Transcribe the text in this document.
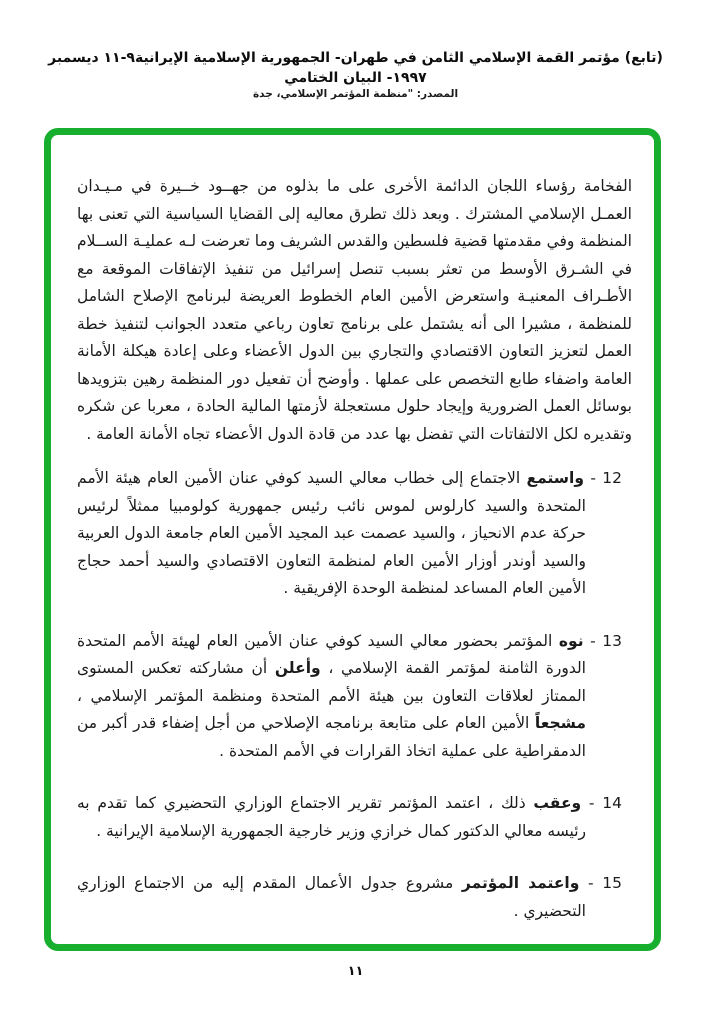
(تابع) مؤتمر القمة الإسلامي الثامن في طهران- الجمهورية الإسلامية الإيرانية٩-١١ ديسمبر ١٩٩٧- البيان الختامي
المصدر: "منظمة المؤتمر الإسلامي، جدة

الفخامة رؤساء اللجان الدائمة الأخرى على ما بذلوه من جهــود خــيرة في مـيـدان العمـل الإسلامي المشترك . وبعد ذلك تطرق معاليه إلى القضايا السياسية التي تعنى بها المنظمة وفي مقدمتها قضية فلسطين والقدس الشريف وما تعرضت لـه عمليـة الســلام في الشـرق الأوسط من تعثر بسبب تنصل إسرائيل من تنفيذ الإتفاقات الموقعة مع الأطـراف المعنيـة واستعرض الأمين العام الخطوط العريضة لبرنامج الإصلاح الشامل للمنظمة ، مشيرا الى أنه يشتمل على برنامج تعاون رباعي متعدد الجوانب لتنفيذ خطة العمل لتعزيز التعاون الاقتصادي والتجاري بين الدول الأعضاء وعلى إعادة هيكلة الأمانة العامة واضفاء طابع التخصص على عملها . وأوضح أن تفعيل دور المنظمة رهين بتزويدها بوسائل العمل الضرورية وإيجاد حلول مستعجلة لأزمتها المالية الحادة ، معربا عن شكره وتقديره لكل الالتفاتات التي تفضل بها عدد من قادة الدول الأعضاء تجاه الأمانة العامة .

12 - واستمع الاجتماع إلى خطاب معالي السيد كوفي عنان الأمين العام هيئة الأمم المتحدة والسيد كارلوس لموس نائب رئيس جمهورية كولومبيا ممثلاً لرئيس حركة عدم الانحياز ، والسيد عصمت عبد المجيد الأمين العام جامعة الدول العربية والسيد أوندر أوزار الأمين العام لمنظمة التعاون الاقتصادي والسيد أحمد حجاج الأمين العام المساعد لمنظمة الوحدة الإفريقية .
13 - نوه المؤتمر بحضور معالي السيد كوفي عنان الأمين العام لهيئة الأمم المتحدة الدورة الثامنة لمؤتمر القمة الإسلامي ، وأعلن أن مشاركته تعكس المستوى الممتاز لعلاقات التعاون بين هيئة الأمم المتحدة ومنظمة المؤتمر الإسلامي ، مشجعاً الأمين العام على متابعة برنامجه الإصلاحي من أجل إضفاء قدر أكبر من الدمقراطية على عملية اتخاذ القرارات في الأمم المتحدة .
14 - وعقب ذلك ، اعتمد المؤتمر تقرير الاجتماع الوزاري التحضيري كما تقدم به رئيسه معالي الدكتور كمال خرازي وزير خارجية الجمهورية الإسلامية الإيرانية .
15 - واعتمد المؤتمر مشروع جدول الأعمال المقدم إليه من الاجتماع الوزاري التحضيري .
١١
